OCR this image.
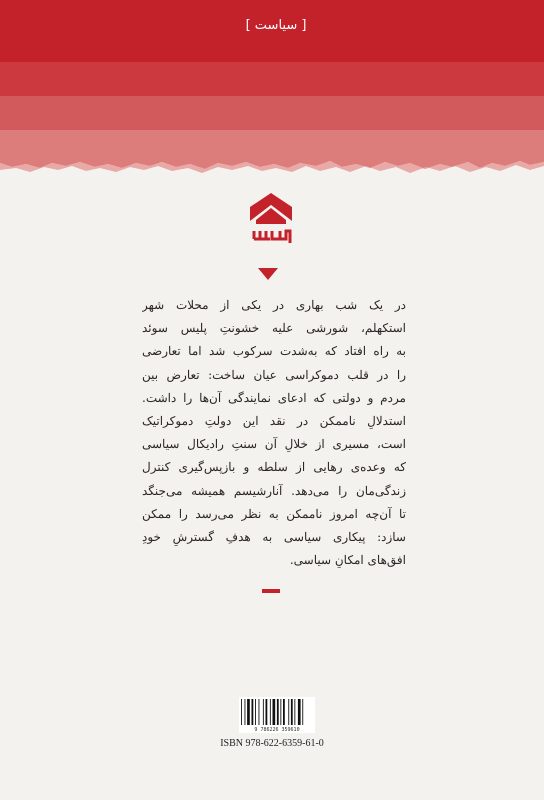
[ سیاست ]
در یک شب بهاری در یکی از محلات شهر
استکهلم، شورشی علیه خشونتِ پلیس سوئد
به راه افتاد که به‌شدت سرکوب شد اما تعارضی
را در قلب دموکراسی عیان ساخت: تعارض بین
مردم و دولتی که ادعای نمایندگی آن‌ها را داشت.
استدلالِ ناممکن در نقد این دولتِ دموکراتیک
است، مسیری از خلالِ آن سنتِ رادیکال سیاسی
که وعده‌ی رهایی از سلطه و بازپس‌گیری کنترل
زندگی‌مان را می‌دهد. آنارشیسم همیشه می‌جنگد
تا آن‌چه امروز ناممکن به نظر می‌رسد را ممکن
سازد: پیکاری سیاسی به هدفِ گسترشِ خودِ
افق‌های امکانِ سیاسی.
9 786226 359610
ISBN 978-622-6359-61-0
